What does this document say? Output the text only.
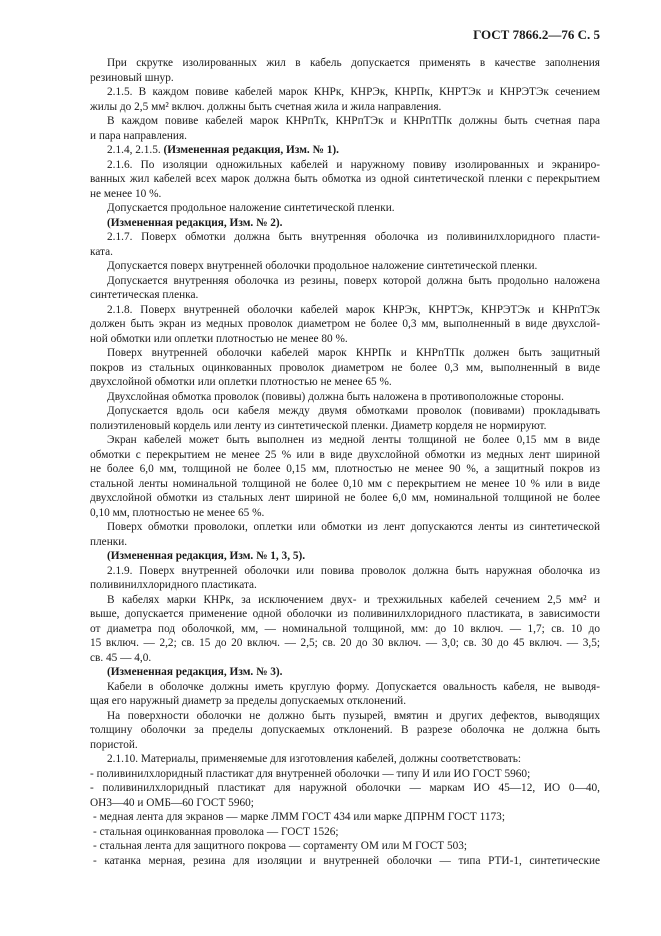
ГОСТ 7866.2—76 С. 5
При скрутке изолированных жил в кабель допускается применять в качестве заполнения
резиновый шнур.
2.1.5. В каждом повиве кабелей марок КНРк, КНРЭк, КНРПк, КНРТЭк и КНРЭТЭк сечением
жилы до 2,5 мм² включ. должны быть счетная жила и жила направления.
В каждом повиве кабелей марок КНРпТк, КНРпТЭк и КНРпТПк должны быть счетная пара
и пара направления.
2.1.4, 2.1.5. (Измененная редакция, Изм. № 1).
2.1.6. По изоляции одножильных кабелей и наружному повиву изолированных и экраниро-
ванных жил кабелей всех марок должна быть обмотка из одной синтетической пленки с перекрытием
не менее 10 %.
Допускается продольное наложение синтетической пленки.
(Измененная редакция, Изм. № 2).
2.1.7. Поверх обмотки должна быть внутренняя оболочка из поливинилхлоридного пласти-
ката.
Допускается поверх внутренней оболочки продольное наложение синтетической пленки.
Допускается внутренняя оболочка из резины, поверх которой должна быть продольно наложена
синтетическая пленка.
2.1.8. Поверх внутренней оболочки кабелей марок КНРЭк, КНРТЭк, КНРЭТЭк и КНРпТЭк
должен быть экран из медных проволок диаметром не более 0,3 мм, выполненный в виде двухслой-
ной обмотки или оплетки плотностью не менее 80 %.
Поверх внутренней оболочки кабелей марок КНРПк и КНРпТПк должен быть защитный
покров из стальных оцинкованных проволок диаметром не более 0,3 мм, выполненный в виде
двухслойной обмотки или оплетки плотностью не менее 65 %.
Двухслойная обмотка проволок (повивы) должна быть наложена в противоположные стороны.
Допускается вдоль оси кабеля между двумя обмотками проволок (повивами) прокладывать
полиэтиленовый кордель или ленту из синтетической пленки. Диаметр корделя не нормируют.
Экран кабелей может быть выполнен из медной ленты толщиной не более 0,15 мм в виде
обмотки с перекрытием не менее 25 % или в виде двухслойной обмотки из медных лент шириной
не более 6,0 мм, толщиной не более 0,15 мм, плотностью не менее 90 %, а защитный покров из
стальной ленты номинальной толщиной не более 0,10 мм с перекрытием не менее 10 % или в виде
двухслойной обмотки из стальных лент шириной не более 6,0 мм, номинальной толщиной не более
0,10 мм, плотностью не менее 65 %.
Поверх обмотки проволоки, оплетки или обмотки из лент допускаются ленты из синтетической
пленки.
(Измененная редакция, Изм. № 1, 3, 5).
2.1.9. Поверх внутренней оболочки или повива проволок должна быть наружная оболочка из
поливинилхлоридного пластиката.
В кабелях марки КНРк, за исключением двух- и трехжильных кабелей сечением 2,5 мм² и
выше, допускается применение одной оболочки из поливинилхлоридного пластиката, в зависимости
от диаметра под оболочкой, мм, — номинальной толщиной, мм: до 10 включ. — 1,7; св. 10 до
15 включ. — 2,2; св. 15 до 20 включ. — 2,5; св. 20 до 30 включ. — 3,0; св. 30 до 45 включ. — 3,5;
св. 45 — 4,0.
(Измененная редакция, Изм. № 3).
Кабели в оболочке должны иметь круглую форму. Допускается овальность кабеля, не выводя-
щая его наружный диаметр за пределы допускаемых отклонений.
На поверхности оболочки не должно быть пузырей, вмятин и других дефектов, выводящих
толщину оболочки за пределы допускаемых отклонений. В разрезе оболочка не должна быть
пористой.
2.1.10. Материалы, применяемые для изготовления кабелей, должны соответствовать:
- поливинилхлоридный пластикат для внутренней оболочки — типу И или ИО ГОСТ 5960;
- поливинилхлоридный пластикат для наружной оболочки — маркам ИО 45—12, ИО 0—40,
ОН3—40 и ОМБ—60 ГОСТ 5960;
- медная лента для экранов — марке ЛММ ГОСТ 434 или марке ДПРНМ ГОСТ 1173;
- стальная оцинкованная проволока — ГОСТ 1526;
- стальная лента для защитного покрова — сортаменту ОМ или М ГОСТ 503;
- катанка мерная, резина для изоляции и внутренней оболочки — типа РТИ-1, синтетические
